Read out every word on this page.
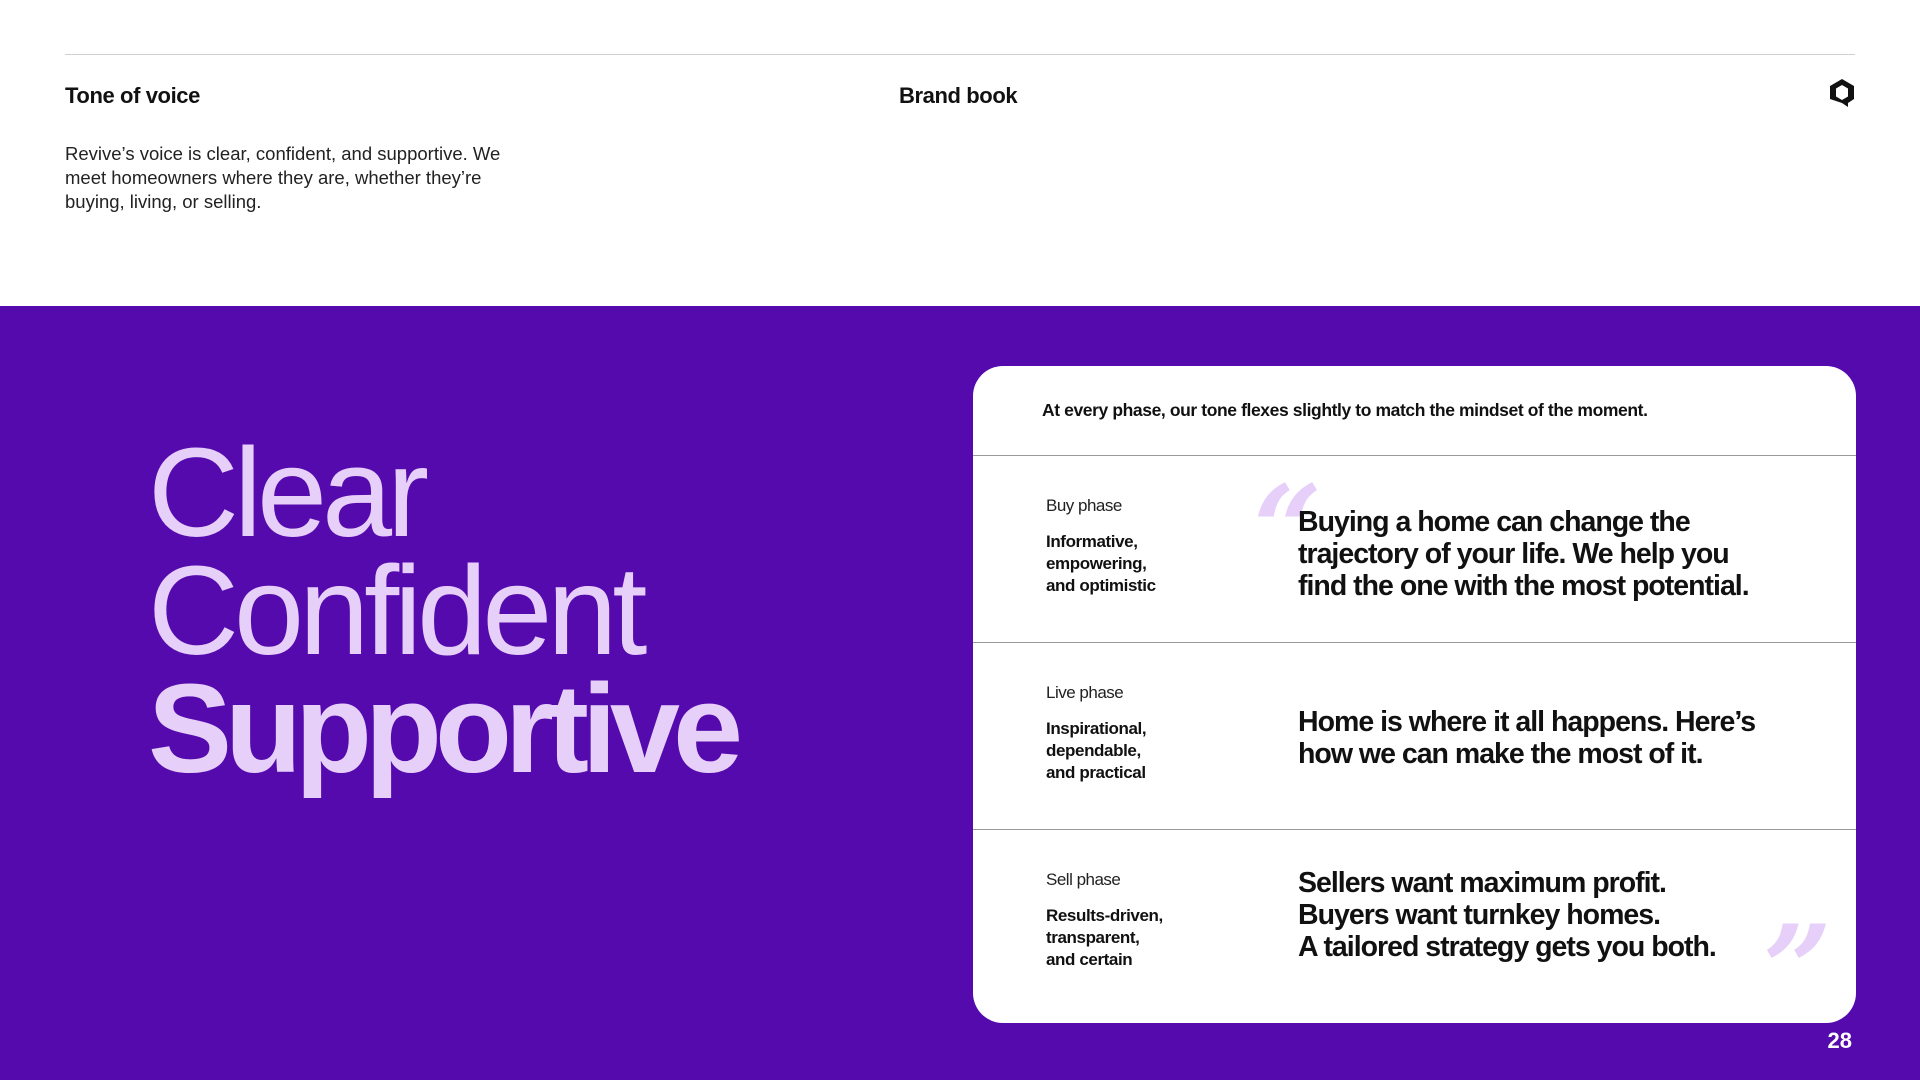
Tone of voice	Brand book

Revive’s voice is clear, confident, and supportive. We meet homeowners where they are, whether they’re buying, living, or selling.

Clear
Confident
Supportive
At every phase, our tone flexes slightly to match the mindset of the moment.
Buy phase
Informative,
empowering,
and optimistic “
Buying a home can change the
trajectory of your life. We help you
find the one with the most potential.
Live phase
Inspirational,
dependable,
and practical
Home is where it all happens. Here’s
how we can make the most of it.
Sell phase
Results-driven,
transparent,
and certain
Sellers want maximum profit.
Buyers want turnkey homes.
A tailored strategy gets you both. ”
28
